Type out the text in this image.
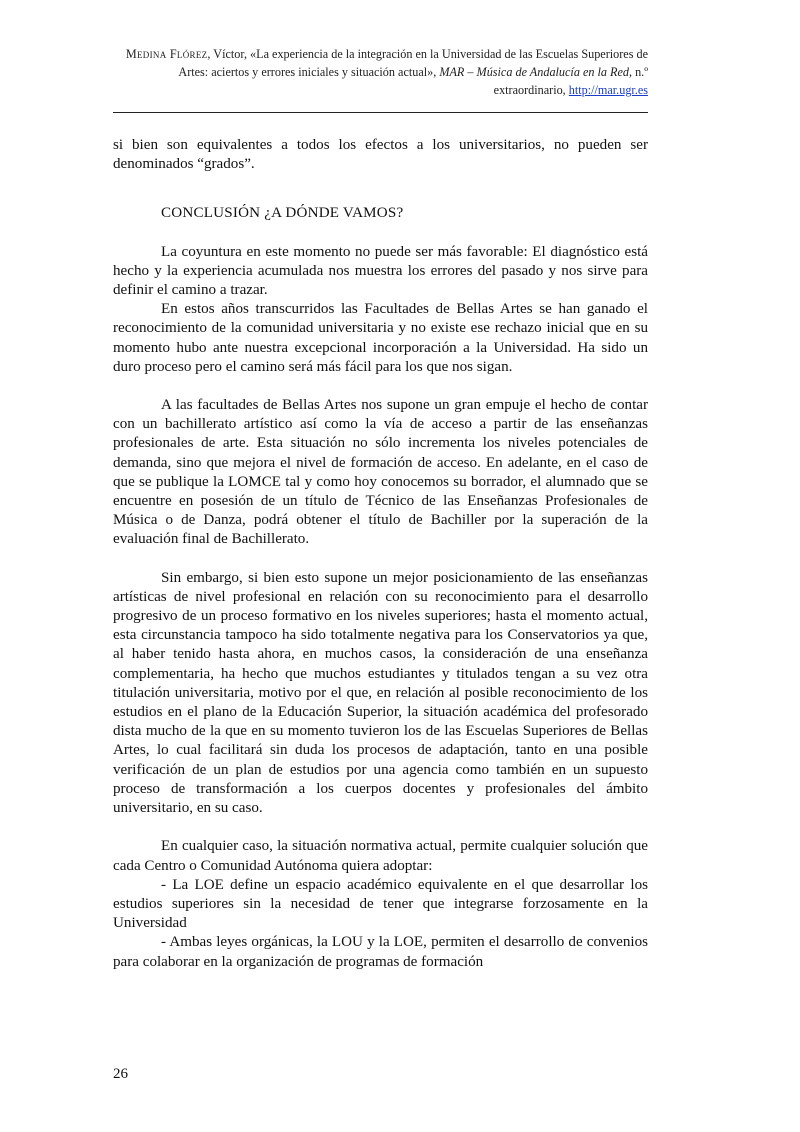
Medina Flórez, Víctor, «La experiencia de la integración en la Universidad de las Escuelas Superiores de Artes: aciertos y errores iniciales y situación actual», MAR – Música de Andalucía en la Red, n.º extraordinario, http://mar.ugr.es

si bien son equivalentes a todos los efectos a los universitarios, no pueden ser denominados “grados”.

CONCLUSIÓN ¿A DÓNDE VAMOS?

La coyuntura en este momento no puede ser más favorable: El diagnóstico está hecho y la experiencia acumulada nos muestra los errores del pasado y nos sirve para definir el camino a trazar.

En estos años transcurridos las Facultades de Bellas Artes se han ganado el reconocimiento de la comunidad universitaria y no existe ese rechazo inicial que en su momento hubo ante nuestra excepcional incorporación a la Universidad. Ha sido un duro proceso pero el camino será más fácil para los que nos sigan.

A las facultades de Bellas Artes nos supone un gran empuje el hecho de contar con un bachillerato artístico así como la vía de acceso a partir de las enseñanzas profesionales de arte. Esta situación no sólo incrementa los niveles potenciales de demanda, sino que mejora el nivel de formación de acceso. En adelante, en el caso de que se publique la LOMCE tal y como hoy conocemos su borrador, el alumnado que se encuentre en posesión de un título de Técnico de las Enseñanzas Profesionales de Música o de Danza, podrá obtener el título de Bachiller por la superación de la evaluación final de Bachillerato.

Sin embargo, si bien esto supone un mejor posicionamiento de las enseñanzas artísticas de nivel profesional en relación con su reconocimiento para el desarrollo progresivo de un proceso formativo en los niveles superiores; hasta el momento actual, esta circunstancia tampoco ha sido totalmente negativa para los Conservatorios ya que, al haber tenido hasta ahora, en muchos casos, la consideración de una enseñanza complementaria, ha hecho que muchos estudiantes y titulados tengan a su vez otra titulación universitaria, motivo por el que, en relación al posible reconocimiento de los estudios en el plano de la Educación Superior, la situación académica del profesorado dista mucho de la que en su momento tuvieron los de las Escuelas Superiores de Bellas Artes, lo cual facilitará sin duda los procesos de adaptación, tanto en una posible verificación de un plan de estudios por una agencia como también en un supuesto proceso de transformación a los cuerpos docentes y profesionales del ámbito universitario, en su caso.

En cualquier caso, la situación normativa actual, permite cualquier solución que cada Centro o Comunidad Autónoma quiera adoptar:

- La LOE define un espacio académico equivalente en el que desarrollar los estudios superiores sin la necesidad de tener que integrarse forzosamente en la Universidad

- Ambas leyes orgánicas, la LOU y la LOE, permiten el desarrollo de convenios para colaborar en la organización de programas de formación

26
